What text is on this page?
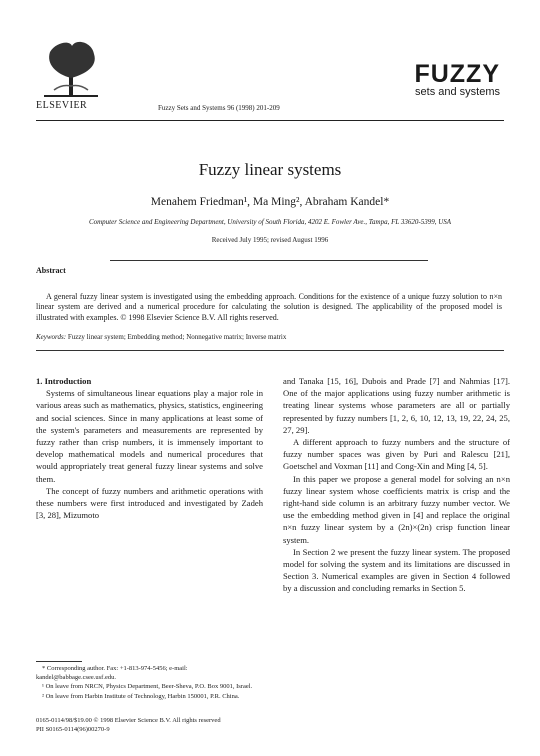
ELSEVIER	Fuzzy Sets and Systems 96 (1998) 201-209
FUZZY
sets and systems
Fuzzy linear systems
Menahem Friedman¹, Ma Ming², Abraham Kandel*
Computer Science and Engineering Department, University of South Florida, 4202 E. Fowler Ave., Tampa, FL 33620-5399, USA
Received July 1995; revised August 1996
Abstract
A general fuzzy linear system is investigated using the embedding approach. Conditions for the existence of a unique fuzzy solution to n×n linear system are derived and a numerical procedure for calculating the solution is designed. The applicability of the proposed model is illustrated with examples. © 1998 Elsevier Science B.V. All rights reserved.
Keywords: Fuzzy linear system; Embedding method; Nonnegative matrix; Inverse matrix

1. Introduction

Systems of simultaneous linear equations play a major role in various areas such as mathematics, physics, statistics, engineering and social sciences. Since in many applications at least some of the system's parameters and measurements are represented by fuzzy rather than crisp numbers, it is immensely important to develop mathematical models and numerical procedures that would appropriately treat general fuzzy linear systems and solve them.

The concept of fuzzy numbers and arithmetic operations with these numbers were first introduced and investigated by Zadeh [3, 28], Mizumoto

and Tanaka [15, 16], Dubois and Prade [7] and Nahmias [17]. One of the major applications using fuzzy number arithmetic is treating linear systems whose parameters are all or partially represented by fuzzy numbers [1, 2, 6, 10, 12, 13, 19, 22, 24, 25, 27, 29].

A different approach to fuzzy numbers and the structure of fuzzy number spaces was given by Puri and Ralescu [21], Goetschel and Voxman [11] and Cong-Xin and Ming [4, 5].

In this paper we propose a general model for solving an n×n fuzzy linear system whose coefficients matrix is crisp and the right-hand side column is an arbitrary fuzzy number vector. We use the embedding method given in [4] and replace the original n×n fuzzy linear system by a (2n)×(2n) crisp function linear system.

In Section 2 we present the fuzzy linear system. The proposed model for solving the system and its limitations are discussed in Section 3. Numerical examples are given in Section 4 followed by a discussion and concluding remarks in Section 5.

* Corresponding author. Fax: +1-813-974-5456; e-mail: kandel@babbage.csee.usf.edu.
¹ On leave from NRCN, Physics Department, Beer-Sheva, P.O. Box 9001, Israel.
² On leave from Harbin Institute of Technology, Harbin 150001, P.R. China.
0165-0114/98/$19.00 © 1998 Elsevier Science B.V. All rights reserved
PII S0165-0114(96)00270-9
